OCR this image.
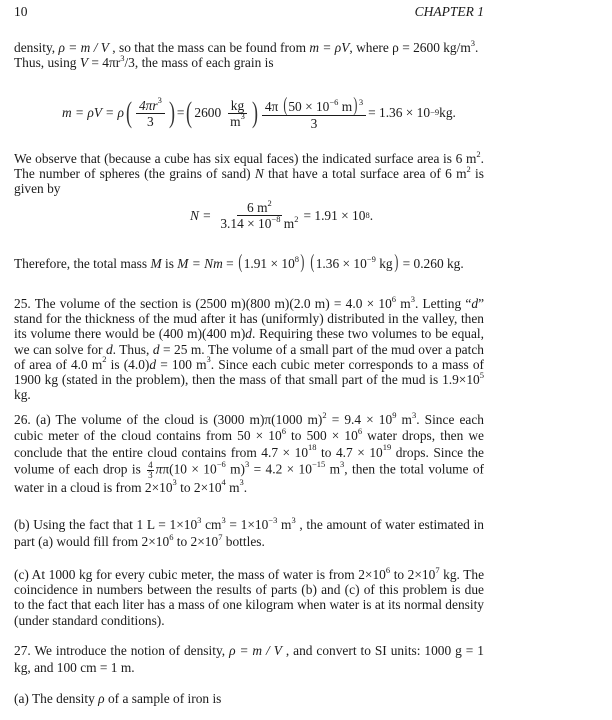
10	CHAPTER 1
density, ρ = m / V , so that the mass can be found from m = ρV, where ρ = 2600 $kg/m^3$.
Thus, using $V = 4\pi r^3/3$, the mass of each grain is
m = ρV = ρ ( $\frac{4\pi r^3}{3}$ ) = ( $2600 \frac{kg}{m^3}$ ) $\frac{4\pi (50 \times 10^{-6} m)^3}{3} = 1.36 \times 10^{-9}$ kg.
We observe that (because a cube has six equal faces) the indicated surface area is 6 $m^2$. The number of spheres (the grains of sand) N that have a total surface area of 6 $m^2$ is given by
$N = \frac{6 m^2}{3.14 \times 10^{-8} m^2} = 1.91 \times 10^8$ .
Therefore, the total mass M is $M = Nm = (1.91 \times 10^8)$ ($1.36 \times 10^{-9}$ kg) = 0.260 kg.
25. The volume of the section is (2500 m)(800 m)(2.0 $m) = 4.0 \times 10^6$ $m^3$. Letting “d” stand for the thickness of the mud after it has (uniformly) distributed in the valley, then its volume there would be (400 m)(400 m)d. Requiring these two volumes to be equal, we can solve for d. Thus, d = 25 m. The volume of a small part of the mud over a patch of area of 4.0 $m^2$ is (4.0)d = 100 $m^3$. Since each cubic meter corresponds to a mass of 1900 kg (stated in the problem), then the mass of that small part of the mud is $1.9\times 10^5$ kg.
26. (a) The volume of the cloud is (3000 m)π(1000 $m)^2 = 9.4 \times 10^9$ $m^3$. Since each cubic meter of the cloud contains from $50 \times 10^6$ to $500 \times 10^6$ water drops, then we conclude that the entire cloud contains from $4.7 \times 10^{18}$ to $4.7 \times 10^{19}$ drops. Since the volume of each drop is $\frac{4}{3} \pi\pi(10 \times 10^{-6}$ $m)^3 = 4.2 \times 10^{-15}$ $m^3$, then the total volume of water in a cloud is from $2\times 10^3$ to $2\times 10^4$ $m^3$.
(b) Using the fact that 1 $L = 1\times 10^3$ $cm^3 = 1\times 10^{-3}$ $m^3$ , the amount of water estimated in part (a) would fill from $2\times 10^6$ to $2\times 10^7$ bottles.
(c) At 1000 kg for every cubic meter, the mass of water is from $2\times 10^6$ to $2\times 10^7$ kg. The coincidence in numbers between the results of parts (b) and (c) of this problem is due to the fact that each liter has a mass of one kilogram when water is at its normal density (under standard conditions).
27. We introduce the notion of density, ρ = m / V , and convert to SI units: 1000 g = 1 kg, and 100 cm = 1 m.
(a) The density ρ of a sample of iron is
